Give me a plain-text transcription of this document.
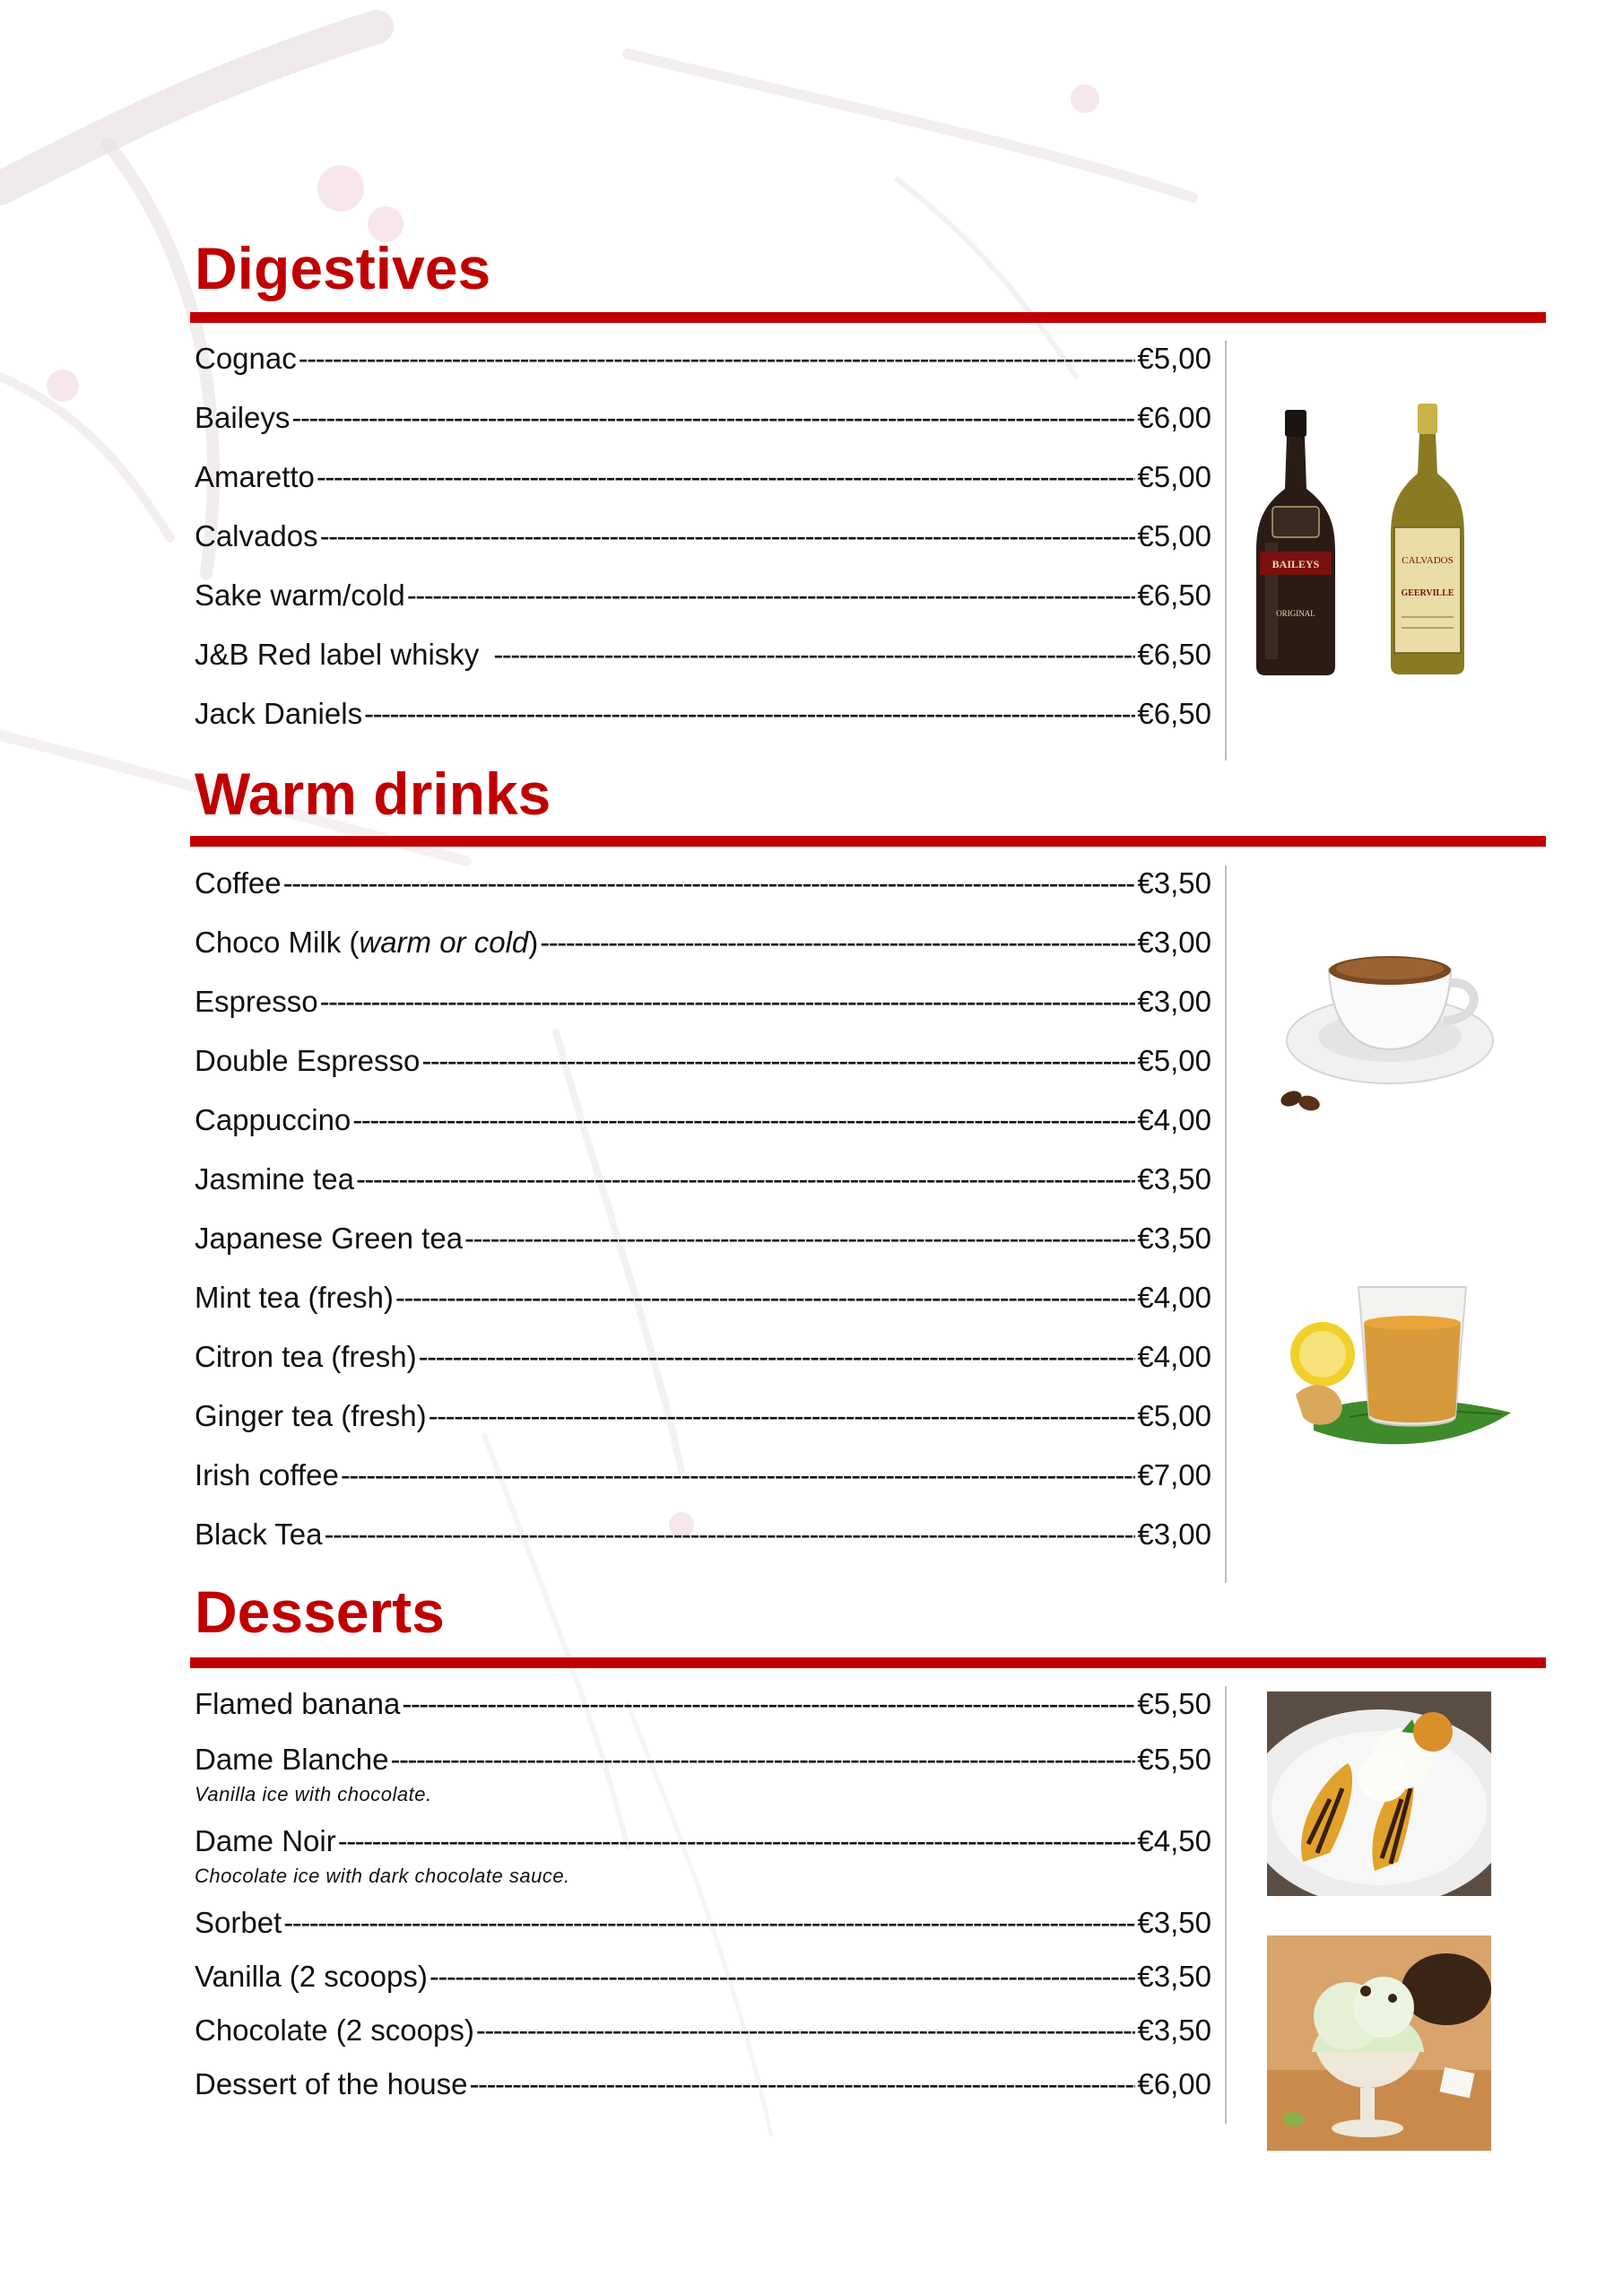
Digestives
Cognac -----	€5,00
Baileys -----	€6,00
Amaretto -----	€5,00
Calvados -----	€5,00
Sake warm/cold -----	€6,50
J&B Red label whisky -----	€6,50
Jack Daniels -----	€6,50
BAILEYS
ORIGINAL
CALVADOS
GEERVILLE
Warm drinks
Coffee -----	€3,50
Choco Milk (warm or cold) -----	€3,00
Espresso -----	€3,00
Double Espresso -----	€5,00
Cappuccino -----	€4,00
Jasmine tea -----	€3,50
Japanese Green tea -----	€3,50
Mint tea (fresh) -----	€4,00
Citron tea (fresh) -----	€4,00
Ginger tea (fresh) -----	€5,00
Irish coffee -----	€7,00
Black Tea -----	€3,00
Desserts
Flamed banana -----	€5,50
Dame Blanche -----	€5,50
Vanilla ice with chocolate.
Dame Noir -----	€4,50
Chocolate ice with dark chocolate sauce.
Sorbet -----	€3,50
Vanilla (2 scoops) -----	€3,50
Chocolate (2 scoops) -----	€3,50
Dessert of the house -----	€6,00
